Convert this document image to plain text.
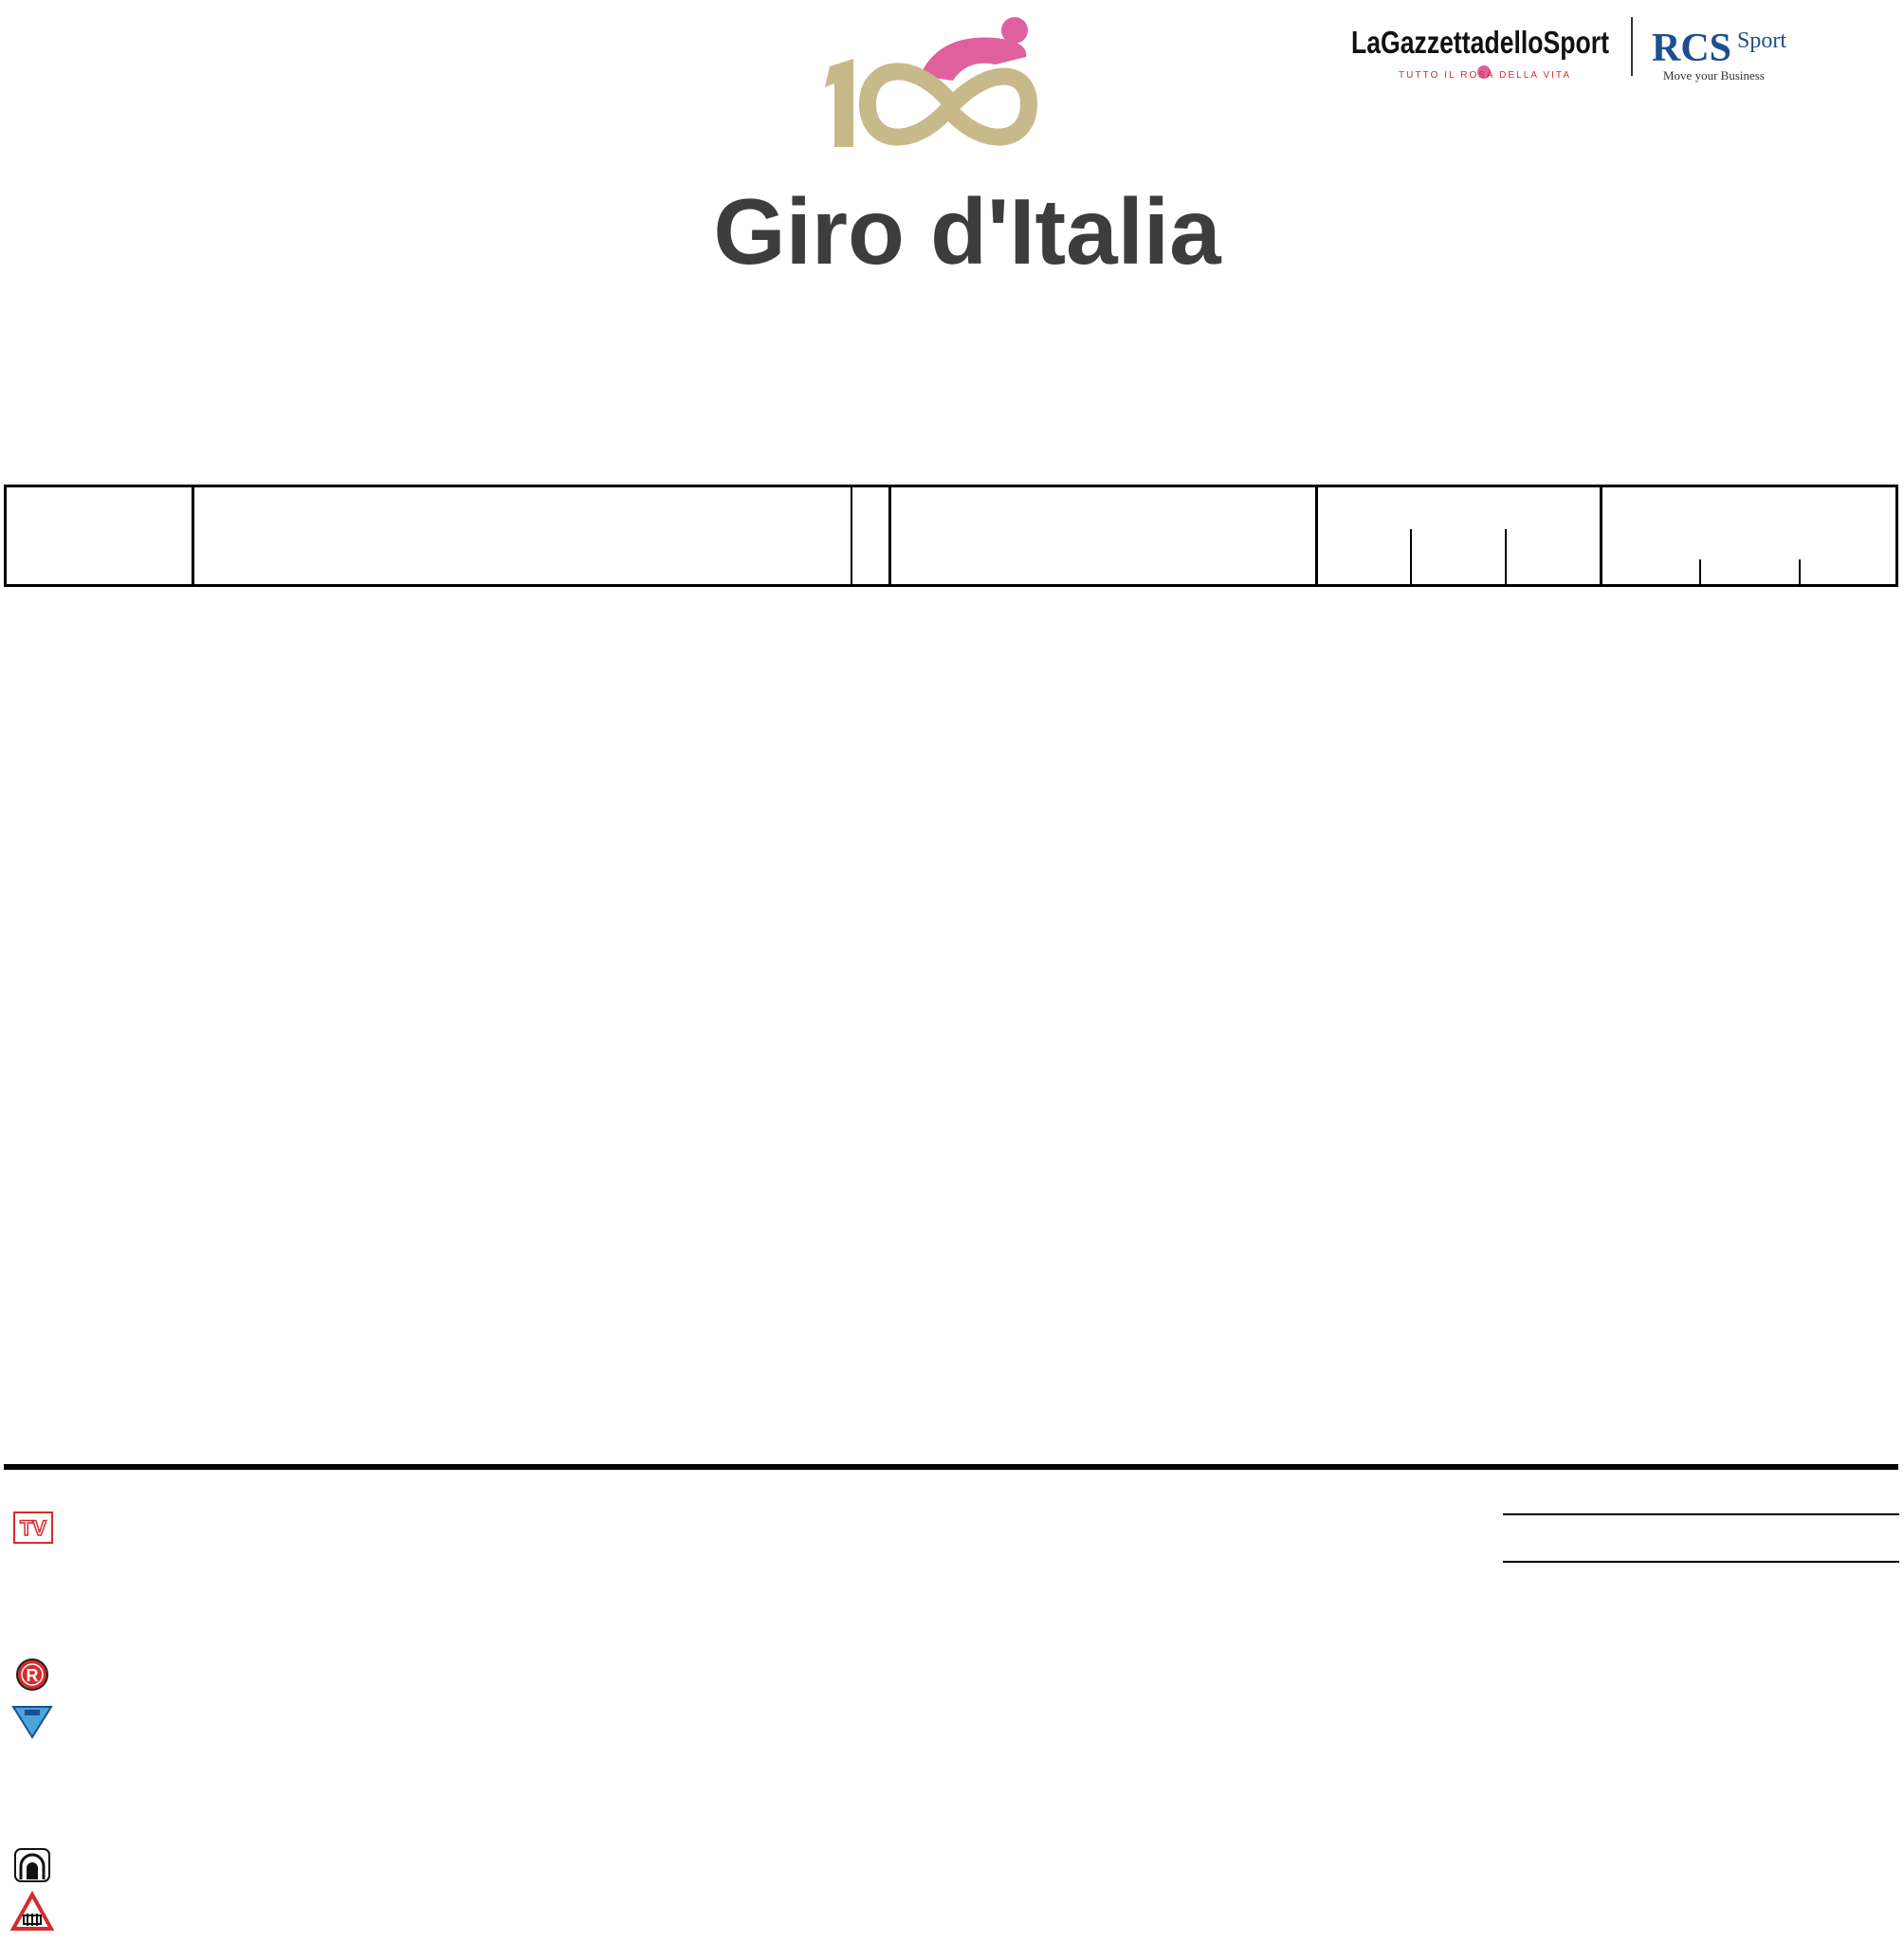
Giro d'Italia
LaGazzettadelloSport
TUTTO IL ROSA DELLA VITA
RCS Sport
Move your Business
TV
R
